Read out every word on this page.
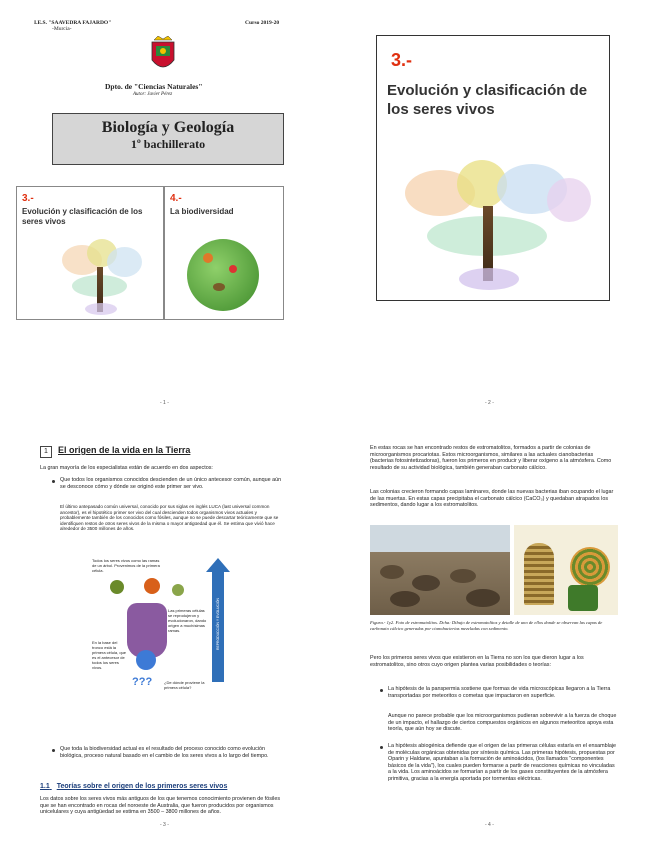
I.E.S. "SAAVEDRA FAJARDO"
-Murcia-
Curso 2019-20
Dpto. de "Ciencias Naturales"
Autor: Javier Pérez
Biología y Geología
1º bachillerato
3.-
Evolución y clasificación de los seres vivos
4.-
La biodiversidad
- 1 -
3.-
Evolución y clasificación de los seres vivos
- 2 -
1	El origen de la vida en la Tierra
La gran mayoría de los especialistas están de acuerdo en dos aspectos:
Que todos los organismos conocidos descienden de un único antecesor común, aunque aún se desconoce cómo y dónde se originó este primer ser vivo.
El último antepasado común universal, conocido por sus siglas en inglés LUCA (last universal common ancestor), es el hipotético primer ser vivo del cual descienden todos organismos vivos actuales y probablemente también de los conocidos como fósiles, aunque no se puede descartar teóricamente que se identifiquen restos de otros seres vivos de la misma o mayor antigüedad que él. Se estima que vivió hace alrededor de 3500 millones de años.
Todos los seres vivos como las ramas de un árbol. Provenimos de la primera célula.
En la base del tronco está la primera célula, que es el antecesor de todos los seres vivos.
Las primeras células se reprodujeron y evolucionaron, dando origen a muchísimas ramas.
???	¿De dónde proviene la primera célula?
REPRODUCCIÓN Y EVOLUCIÓN
Que toda la biodiversidad actual es el resultado del proceso conocido como evolución biológica, proceso natural basado en el cambio de los seres vivos a lo largo del tiempo.
1.1 Teorías sobre el origen de los primeros seres vivos
Los datos sobre los seres vivos más antiguos de los que tenemos conocimiento provienen de fósiles que se han encontrado en rocas del noroeste de Australia, que fueron producidos por organismos unicelulares y cuya antigüedad se estima en 3500 – 3800 millones de años.
- 3 -
En estas rocas se han encontrado restos de estromatolitos, formados a partir de colonias de microorganismos procariotas. Estos microorganismos, similares a las actuales cianobacterias (bacterias fotosintetizadoras), fueron los primeros en producir y liberar oxígeno a la atmósfera. Como resultado de su actividad biológica, también generaban carbonato cálcico.
Las colonias crecieron formando capas laminares, donde las nuevas bacterias iban ocupando el lugar de las muertas. En estas capas precipitaba el carbonato cálcico (CaCO₃) y quedaban atrapados los sedimentos, dando lugar a los estromatolitos.
Figura.- 1y2. Foto de estromatolitos. Dcha: Dibujo de estromatolitos y detalle de uno de ellos donde se observan las capas de carbonato cálcico generadas por cianobacterias mezcladas con sedimento.
Pero los primeros seres vivos que existieron en la Tierra no son los que dieron lugar a los estromatolitos, sino otros cuyo origen plantea varias posibilidades o teorías:
La hipótesis de la panspermia sostiene que formas de vida microscópicas llegaron a la Tierra transportadas por meteoritos o cometas que impactaron en superficie.
Aunque no parece probable que los microorganismos pudieran sobrevivir a la fuerza de choque de un impacto, el hallazgo de ciertos compuestos orgánicos en algunos meteoritos apoya esta teoría, que aún hoy se discute.
La hipótesis abiogénica defiende que el origen de las primeras células estaría en el ensamblaje de moléculas orgánicas obtenidas por síntesis química. Las primeras hipótesis, propuestas por Oparin y Haldane, apuntaban a la formación de aminoácidos, (los llamados "componentes básicos de la vida"), los cuales pueden formarse a partir de reacciones químicas no vinculadas a la vida. Los aminoácidos se formarían a partir de los gases constituyentes de la atmósfera primitiva, gracias a la energía aportada por tormentas eléctricas.
- 4 -
